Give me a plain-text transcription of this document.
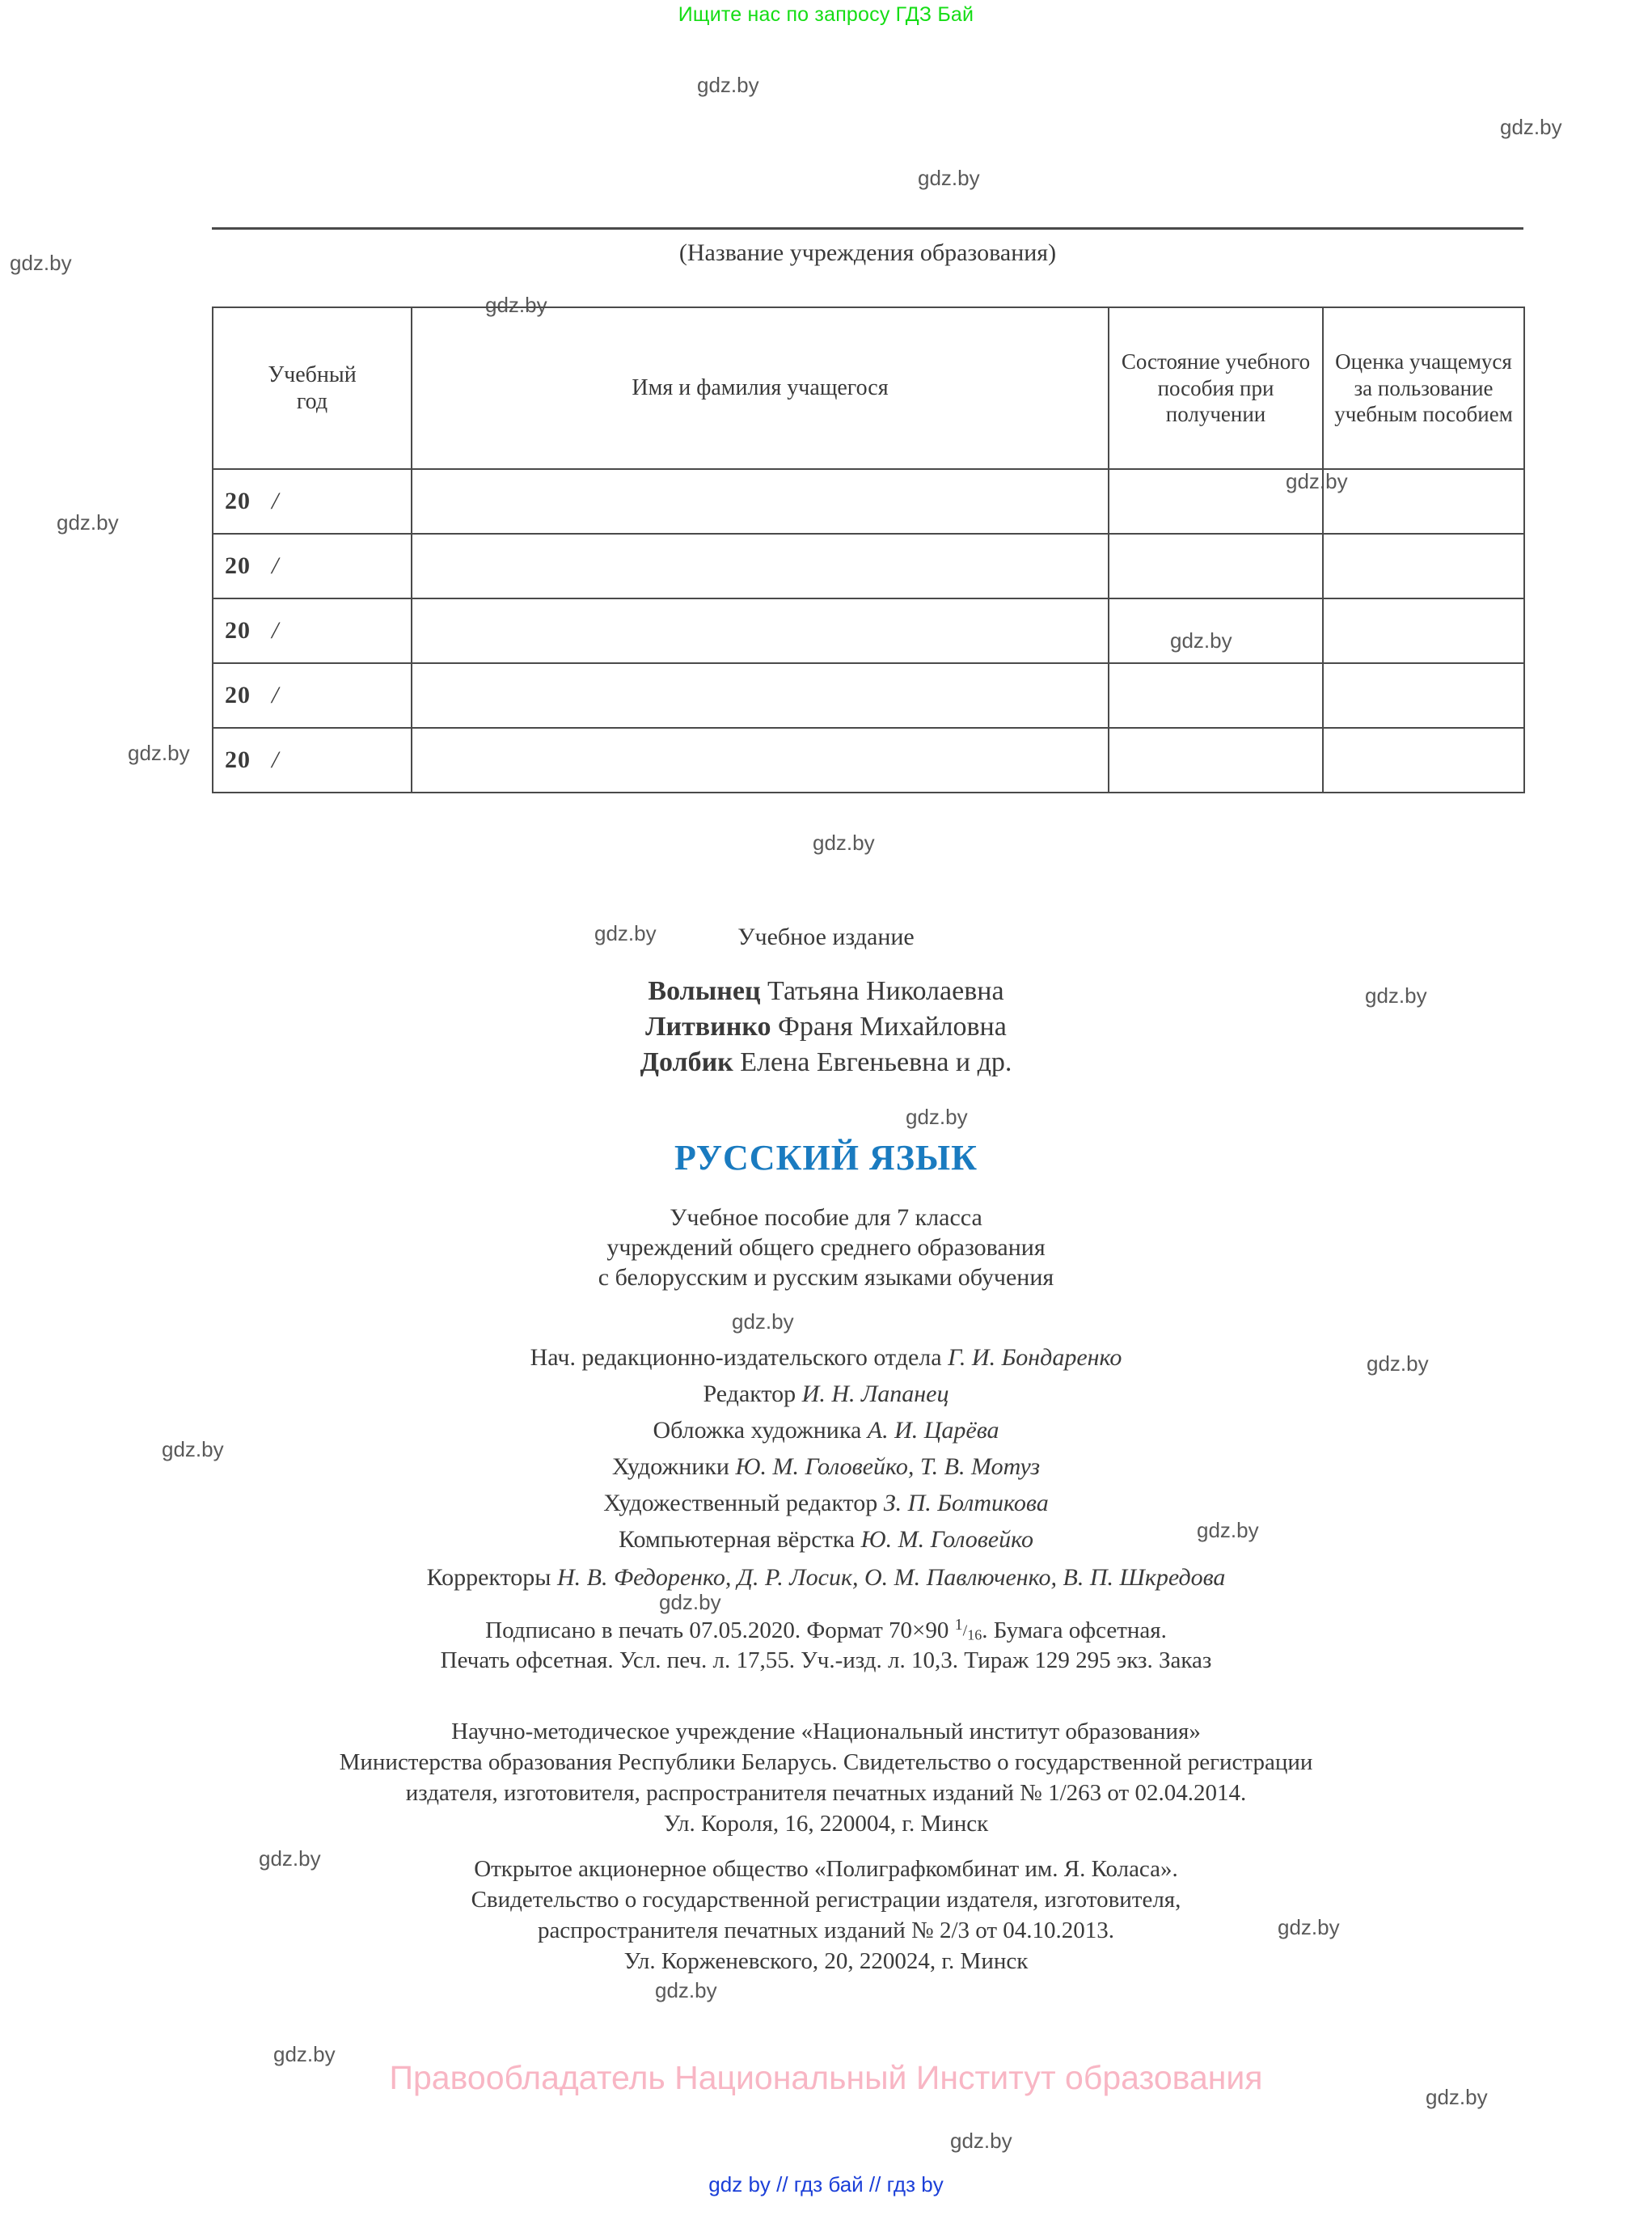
Ищите нас по запросу ГДЗ Бай
gdz.by
gdz.by
gdz.by
gdz.by
gdz.by
gdz.by
gdz.by
gdz.by
gdz.by
gdz.by
gdz.by
gdz.by
gdz.by
gdz.by
gdz.by
gdz.by
gdz.by
gdz.by
gdz.by
gdz.by
gdz.by
gdz.by
gdz.by
gdz.by
(Название учреждения образования)
Учебный
год	Имя и фамилия учащегося	Состояние учебного пособия при получении	Оценка учащемуся за пользование учебным пособием
20 /			
20 /			
20 /			
20 /			
20 /			
Учебное издание
Волынец Татьяна Николаевна
Литвинко Франя Михайловна
Долбик Елена Евгеньевна и др.
РУССКИЙ ЯЗЫК
Учебное пособие для 7 класса
учреждений общего среднего образования
с белорусским и русским языками обучения
Нач. редакционно-издательского отдела Г. И. Бондаренко
Редактор И. Н. Лапанец
Обложка художника А. И. Царёва
Художники Ю. М. Головейко, Т. В. Мотуз
Художественный редактор З. П. Болтикова
Компьютерная вёрстка Ю. М. Головейко
Корректоры Н. В. Федоренко, Д. Р. Лосик, О. М. Павлюченко, В. П. Шкредова
Подписано в печать 07.05.2020. Формат 70×90 $^1/_{16}$. Бумага офсетная.
Печать офсетная. Усл. печ. л. 17,55. Уч.-изд. л. 10,3. Тираж 129 295 экз. Заказ
Научно-методическое учреждение «Национальный институт образования»
Министерства образования Республики Беларусь. Свидетельство о государственной регистрации
издателя, изготовителя, распространителя печатных изданий № 1/263 от 02.04.2014.
Ул. Короля, 16, 220004, г. Минск
Открытое акционерное общество «Полиграфкомбинат им. Я. Коласа».
Свидетельство о государственной регистрации издателя, изготовителя,
распространителя печатных изданий № 2/3 от 04.10.2013.
Ул. Корженевского, 20, 220024, г. Минск
Правообладатель Национальный Институт образования
gdz by // гдз бай // гдз by
